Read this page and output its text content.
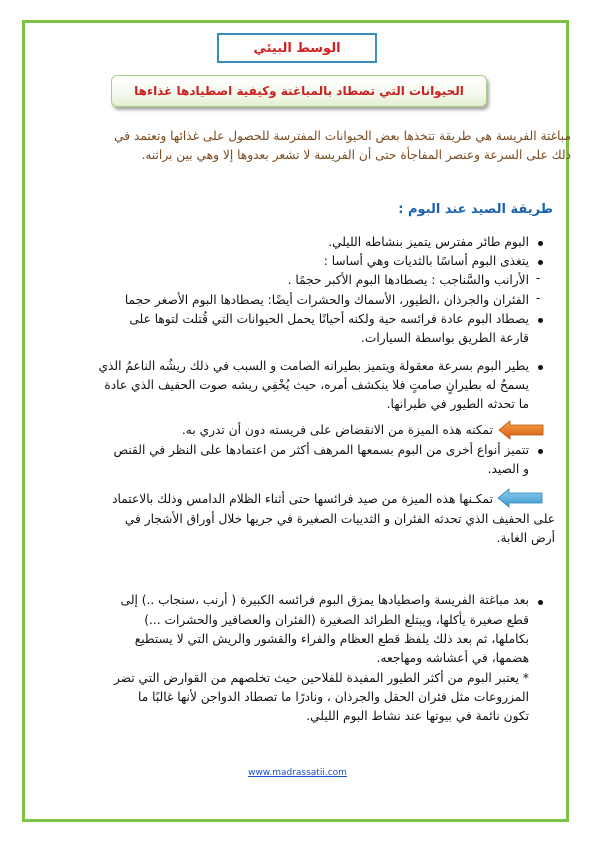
الوسط البيئي
الحيوانات التي تصطاد بالمباغتة وكيفية اصطيادها غذاءها
مباغتة الفريسة هي طريقة تتخذها بعض الحيوانات المفترسة للحصول على غذائها وتعتمد في
ذلك على السرعة وعنصر المفاجأة حتى أن الفريسة لا تشعر بعدوها إلا وهي بين براثنه.
طريقة الصيد عند البوم :
البوم طائر مفترس يتميز بنشاطه الليلي.
يتغذى البوم أساسًا بالثديات وهي أساسا :
-
الأرانب والسَّناجب : يصطادها البوم الأكبر حجمًا .
-
الفئران والجرذان ،الطيور، الأسماك والحشرات أيضًا: يصطادها البوم الأصغر حجما
يصطاد البوم عادة فرائسه حية ولكنه أحيانًا يحمل الحيوانات التي قُتلت لتوها على
قارعة الطريق بواسطة السيارات.
يطير البوم بسرعة معقولة ويتميز بطيرانه الصامت و السبب في ذلك ريشُه الناعمُ الذي
يسمحُ له بطيرانٍ صامتٍ فلا ينكشف أمره، حيث يُخْفِي ريشه صوت الحفيف الذي عادة
ما تحدثه الطيور في طيرانها.
تمكنه هذه الميزة من الانقضاض على فريسته دون أن تدري به.
تتميز أنواع أخرى من البوم بسمعها المرهف أكثر من اعتمادها على النظر في القنص
و الصيد.
تمكـنها هذه الميزة من صيد فرائسها حتى أثناء الظلام الدامس وذلك بالاعتماد
على الحفيف الذي تحدثه الفئران و الثدييات الصغيرة في جريها خلال أوراق الأشجار في
أرض الغابة.
بعد مباغتة الفريسة واصطيادها يمزق البوم فرائسه الكبيرة ( أرنب ،سنجاب ..) إلى
قطع صغيرة يأكلها، ويبتلع الطرائد الصغيرة (الفئران والعصافير والحشرات ...)
بكاملها، ثم بعد ذلك يلفظ قطع العظام والفراء والقشور والريش التي لا يستطيع
هضمها، في أعشاشه ومهاجعه.
* يعتبر البوم من أكثر الطيور المفيدة للفلاحين حيث تخلصهم من القوارض التي تضر
المزروعات مثل فئران الحقل والجرذان ، ونادرًا ما تصطاد الدواجن لأنها غالبًا ما
تكون نائمة في بيوتها عند نشاط البوم الليلي.
www.madrassatii.com
